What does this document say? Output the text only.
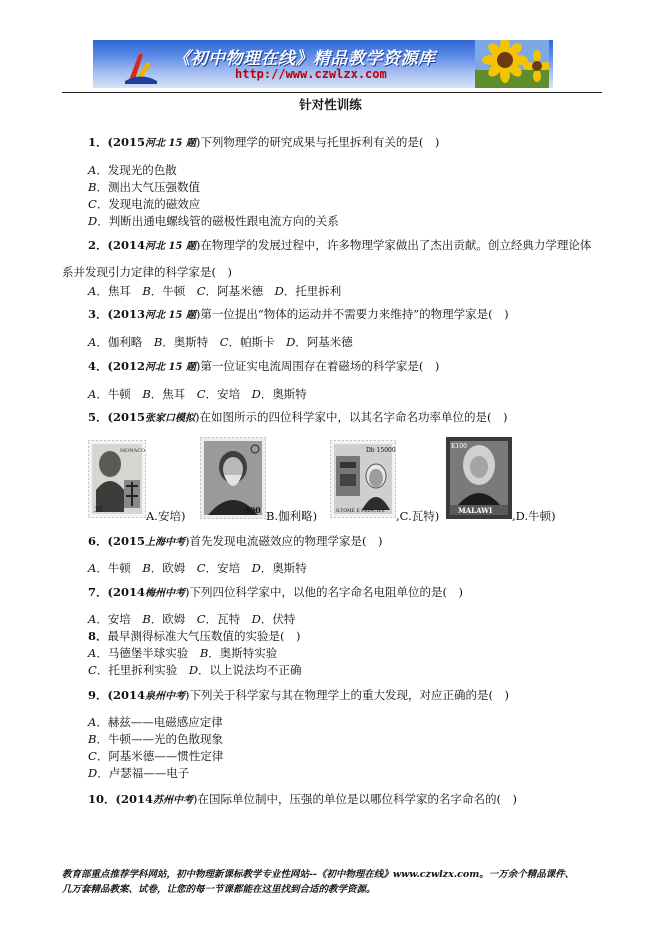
《初中物理在线》精品教学资源库
http://www.czwlzx.com
针对性训练
1．(2015河北 15 题)下列物理学的研究成果与托里拆利有关的是(　)
A．发现光的色散
B．测出大气压强数值
C．发现电流的磁效应
D．判断出通电螺线管的磁极性跟电流方向的关系
2．(2014河北 15 题)在物理学的发展过程中，许多物理学家做出了杰出贡献。创立经典力学理论体
系并发现引力定律的科学家是(　)
A．焦耳　 B．牛顿　 C．阿基米德　 D．托里拆利
3．(2013河北 15 题)第一位提出“物体的运动并不需要力来维持”的物理学家是(　)
A．伽利略　 B．奥斯特　 C．帕斯卡　 D．阿基米德
4．(2012河北 15 题)第一位证实电流周围存在着磁场的科学家是(　)
A．牛顿　 B．焦耳　 C．安培　 D．奥斯特
5．(2015张家口模拟)在如图所示的四位科学家中，以其名字命名功率单位的是(　)
MONACO
35	A.安培)	300 B.伽利略)
Db 15000
S.TOME E PRINCIPE ,C.瓦特)
K100
MALAWI ,D.牛顿)
6．(2015上海中考)首先发现电流磁效应的物理学家是(　)
A．牛顿　 B．欧姆　 C．安培　 D．奥斯特
7．(2014梅州中考)下列四位科学家中，以他的名字命名电阻单位的是(　)
A．安培　 B．欧姆　 C．瓦特　 D．伏特
8．最早测得标准大气压数值的实验是(　)
A．马德堡半球实验　 B．奥斯特实验
C．托里拆利实验　 D．以上说法均不正确
9．(2014泉州中考)下列关于科学家与其在物理学上的重大发现，对应正确的是(　)
A．赫兹——电磁感应定律
B．牛顿——光的色散现象
C．阿基米德——惯性定律
D．卢瑟福——电子
10．(2014苏州中考)在国际单位制中，压强的单位是以哪位科学家的名字命名的(　)
教育部重点推荐学科网站，初中物理新课标教学专业性网站--《初中物理在线》www.czwlzx.com。一万余个精品课件、
几万套精品教案、试卷，让您的每一节课都能在这里找到合适的教学资源。
